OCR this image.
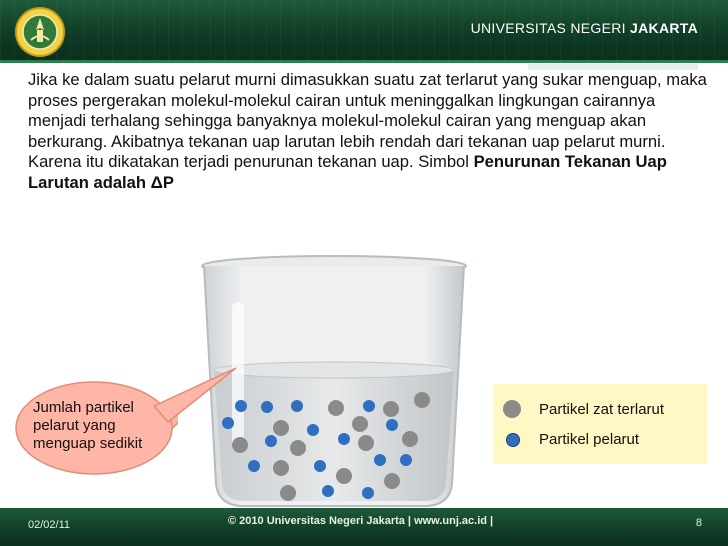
UNIVERSITAS NEGERI JAKARTA
Jika ke dalam suatu pelarut murni dimasukkan suatu zat terlarut yang sukar menguap, maka proses pergerakan molekul-molekul cairan untuk meninggalkan lingkungan cairannya menjadi terhalang sehingga banyaknya molekul-molekul cairan yang menguap akan berkurang. Akibatnya tekanan uap larutan lebih rendah dari tekanan uap pelarut murni. Karena itu dikatakan terjadi penurunan tekanan uap. Simbol Penurunan Tekanan Uap Larutan adalah ΔP
Jumlah partikel pelarut yang menguap sedikit
Partikel zat terlarut
Partikel pelarut
02/02/11	© 2010 Universitas Negeri Jakarta | www.unj.ac.id |	8
